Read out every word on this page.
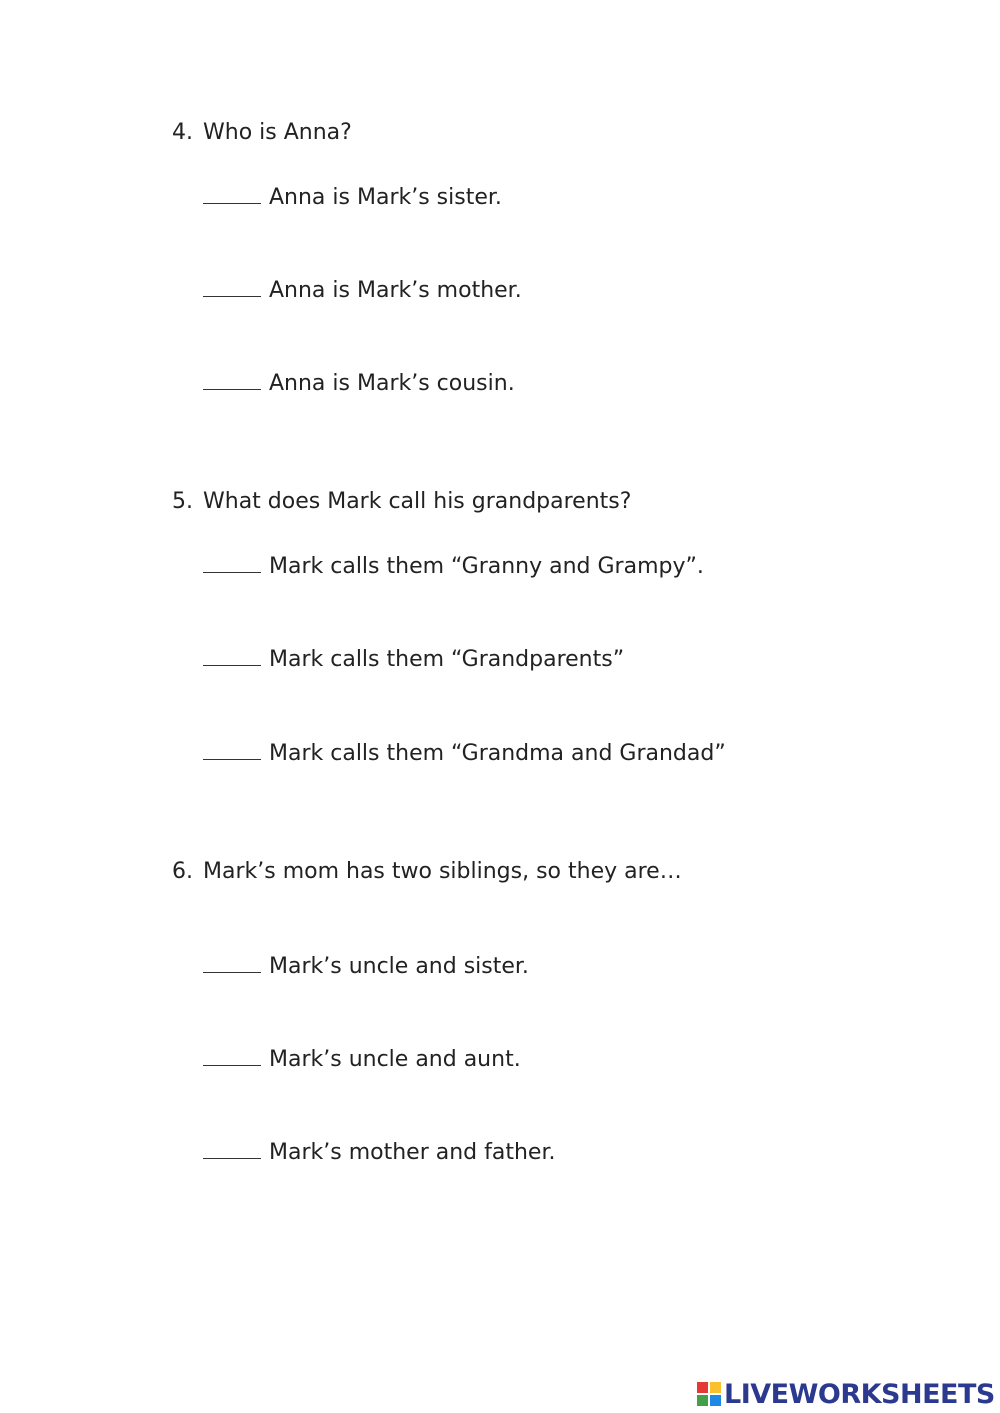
4. Who is Anna?
Anna is Mark’s sister.
Anna is Mark’s mother.
Anna is Mark’s cousin.
5. What does Mark call his grandparents?
Mark calls them “Granny and Grampy”.
Mark calls them “Grandparents”
Mark calls them “Grandma and Grandad”
6. Mark’s mom has two siblings, so they are…
Mark’s uncle and sister.
Mark’s uncle and aunt.
Mark’s mother and father.
LIVEWORKSHEETS
